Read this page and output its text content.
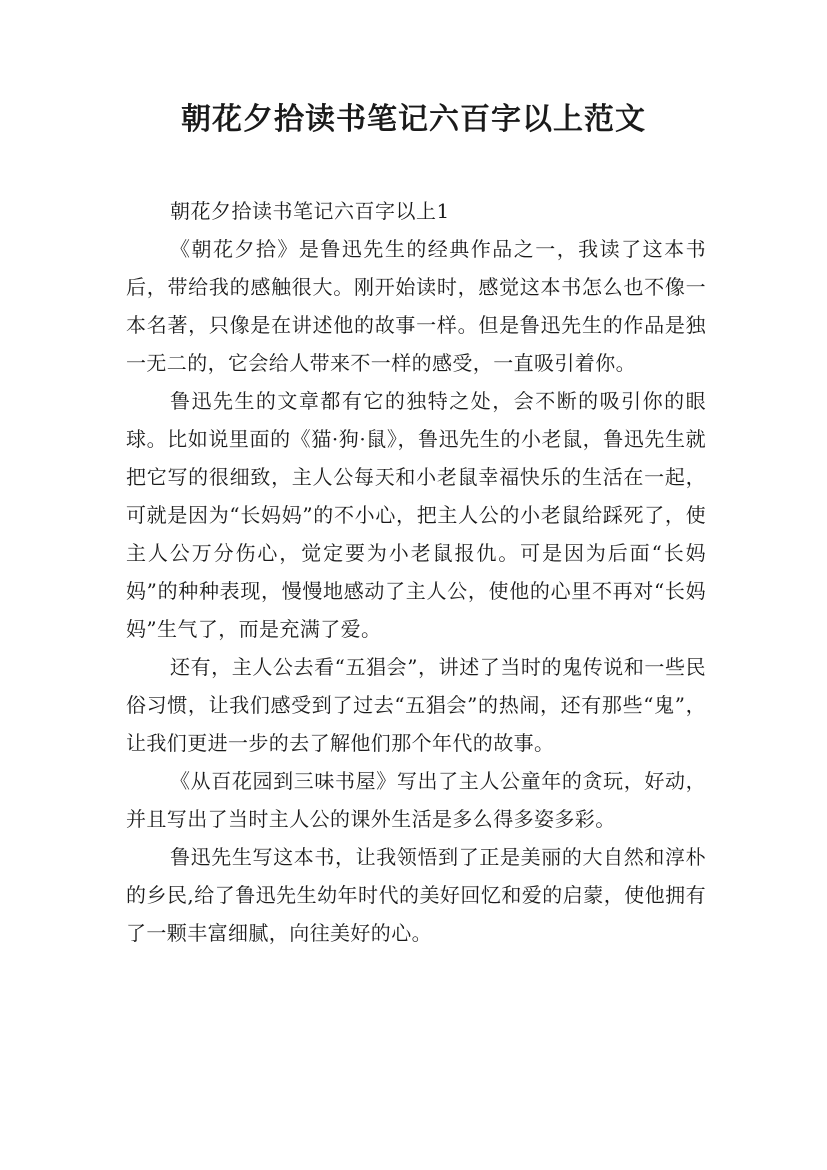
朝花夕拾读书笔记六百字以上范文

朝花夕拾读书笔记六百字以上1

《朝花夕拾》是鲁迅先生的经典作品之一，我读了这本书后，带给我的感触很大。刚开始读时，感觉这本书怎么也不像一本名著，只像是在讲述他的故事一样。但是鲁迅先生的作品是独一无二的，它会给人带来不一样的感受，一直吸引着你。

鲁迅先生的文章都有它的独特之处，会不断的吸引你的眼球。比如说里面的《猫·狗·鼠》，鲁迅先生的小老鼠，鲁迅先生就把它写的很细致，主人公每天和小老鼠幸福快乐的生活在一起，可就是因为“长妈妈”的不小心，把主人公的小老鼠给踩死了，使主人公万分伤心，觉定要为小老鼠报仇。可是因为后面“长妈妈”的种种表现，慢慢地感动了主人公，使他的心里不再对“长妈妈”生气了，而是充满了爱。

还有，主人公去看“五猖会”，讲述了当时的鬼传说和一些民俗习惯，让我们感受到了过去“五猖会”的热闹，还有那些“鬼”，让我们更进一步的去了解他们那个年代的故事。

《从百花园到三味书屋》写出了主人公童年的贪玩，好动，并且写出了当时主人公的课外生活是多么得多姿多彩。

鲁迅先生写这本书，让我领悟到了正是美丽的大自然和淳朴的乡民,给了鲁迅先生幼年时代的美好回忆和爱的启蒙，使他拥有了一颗丰富细腻，向往美好的心。
